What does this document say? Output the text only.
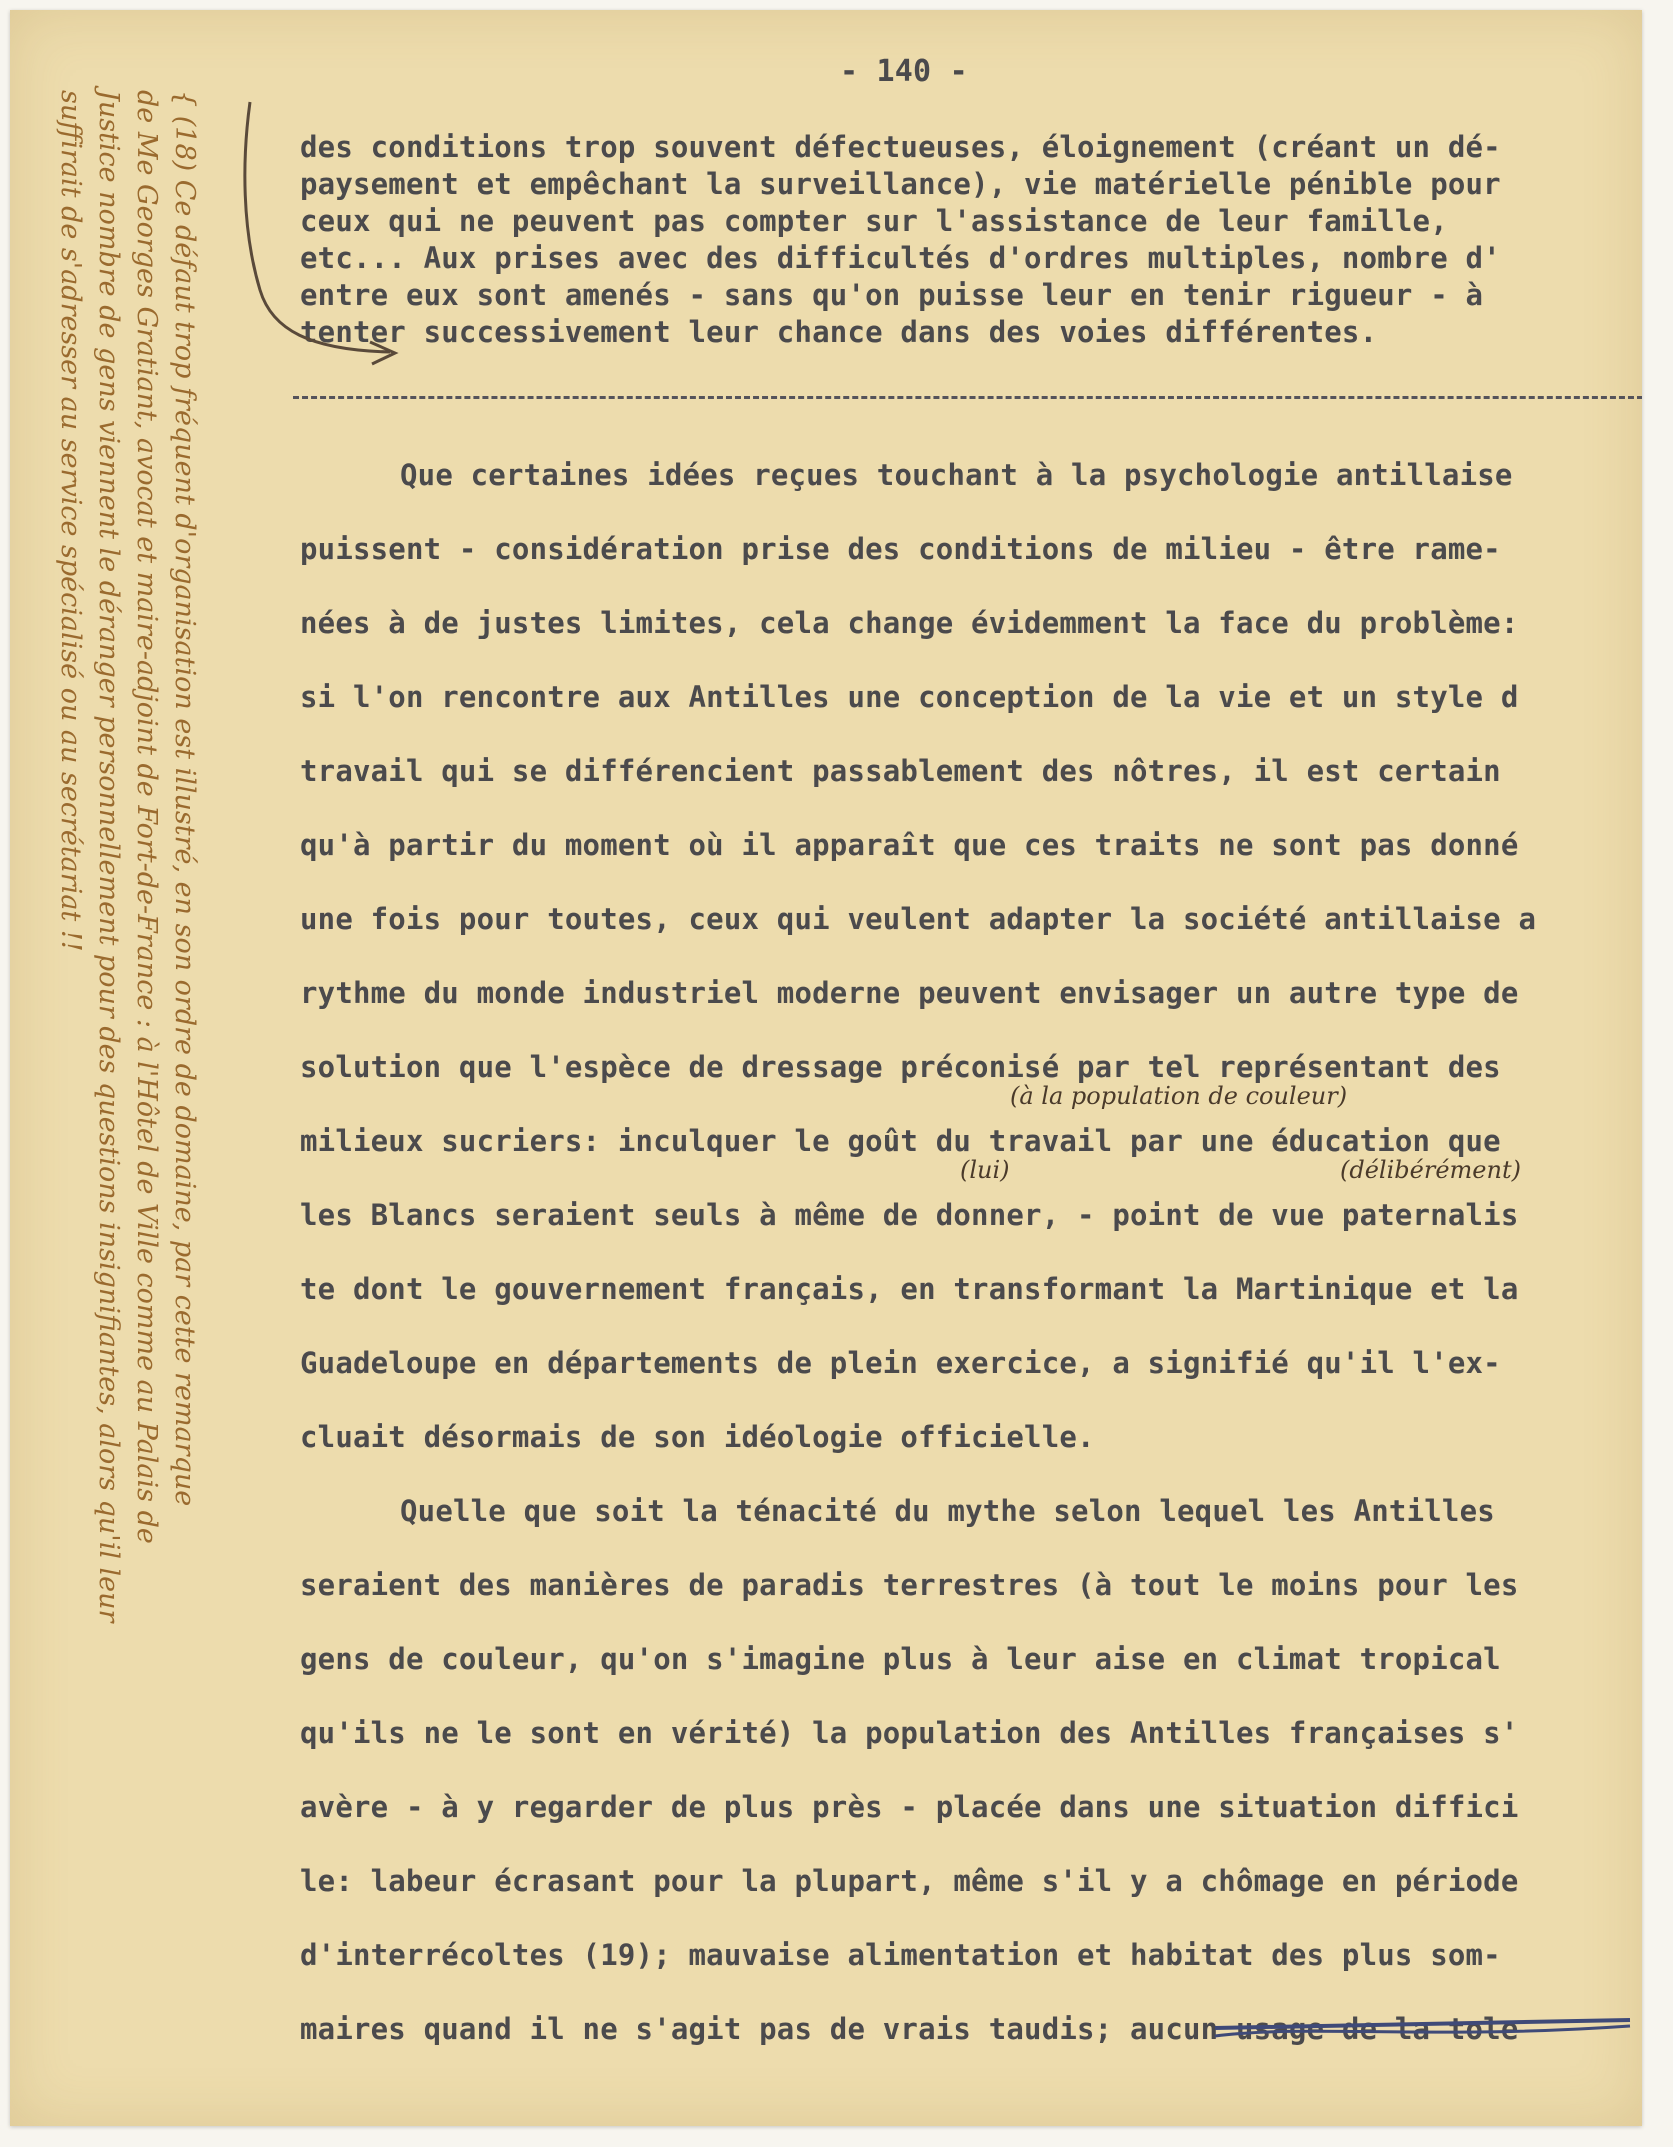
- 140 -
des conditions trop souvent défectueuses, éloignement (créant un dé-
paysement et empêchant la surveillance), vie matérielle pénible pour
ceux qui ne peuvent pas compter sur l'assistance de leur famille,
etc... Aux prises avec des difficultés d'ordres multiples, nombre d'
entre eux sont amenés - sans qu'on puisse leur en tenir rigueur - à
tenter successivement leur chance dans des voies différentes.
Que certaines idées reçues touchant à la psychologie antillaise
puissent - considération prise des conditions de milieu - être rame-
nées à de justes limites, cela change évidemment la face du problème:
si l'on rencontre aux Antilles une conception de la vie et un style d
travail qui se différencient passablement des nôtres, il est certain
qu'à partir du moment où il apparaît que ces traits ne sont pas donné
une fois pour toutes, ceux qui veulent adapter la société antillaise a
rythme du monde industriel moderne peuvent envisager un autre type de
solution que l'espèce de dressage préconisé par tel représentant des
milieux sucriers: inculquer le goût du travail par une éducation que
les Blancs seraient seuls à même de donner, - point de vue paternalis
te dont le gouvernement français, en transformant la Martinique et la
Guadeloupe en départements de plein exercice, a signifié qu'il l'ex-
cluait désormais de son idéologie officielle.
Quelle que soit la ténacité du mythe selon lequel les Antilles
seraient des manières de paradis terrestres (à tout le moins pour les
gens de couleur, qu'on s'imagine plus à leur aise en climat tropical
qu'ils ne le sont en vérité) la population des Antilles françaises s'
avère - à y regarder de plus près - placée dans une situation diffici
le: labeur écrasant pour la plupart, même s'il y a chômage en période
d'interrécoltes (19); mauvaise alimentation et habitat des plus som-
maires quand il ne s'agit pas de vrais taudis; aucun usage de la tole
(à la population de couleur)
(lui)	(délibérément)
{ (18) Ce défaut trop fréquent d'organisation est illustré, en son ordre de domaine, par cette remarque
de Me Georges Gratiant, avocat et maire-adjoint de Fort-de-France : à l'Hôtel de Ville comme au Palais de
Justice nombre de gens viennent le déranger personnellement pour des questions insignifiantes, alors qu'il leur
suffirait de s'adresser au service spécialisé ou au secrétariat !!
